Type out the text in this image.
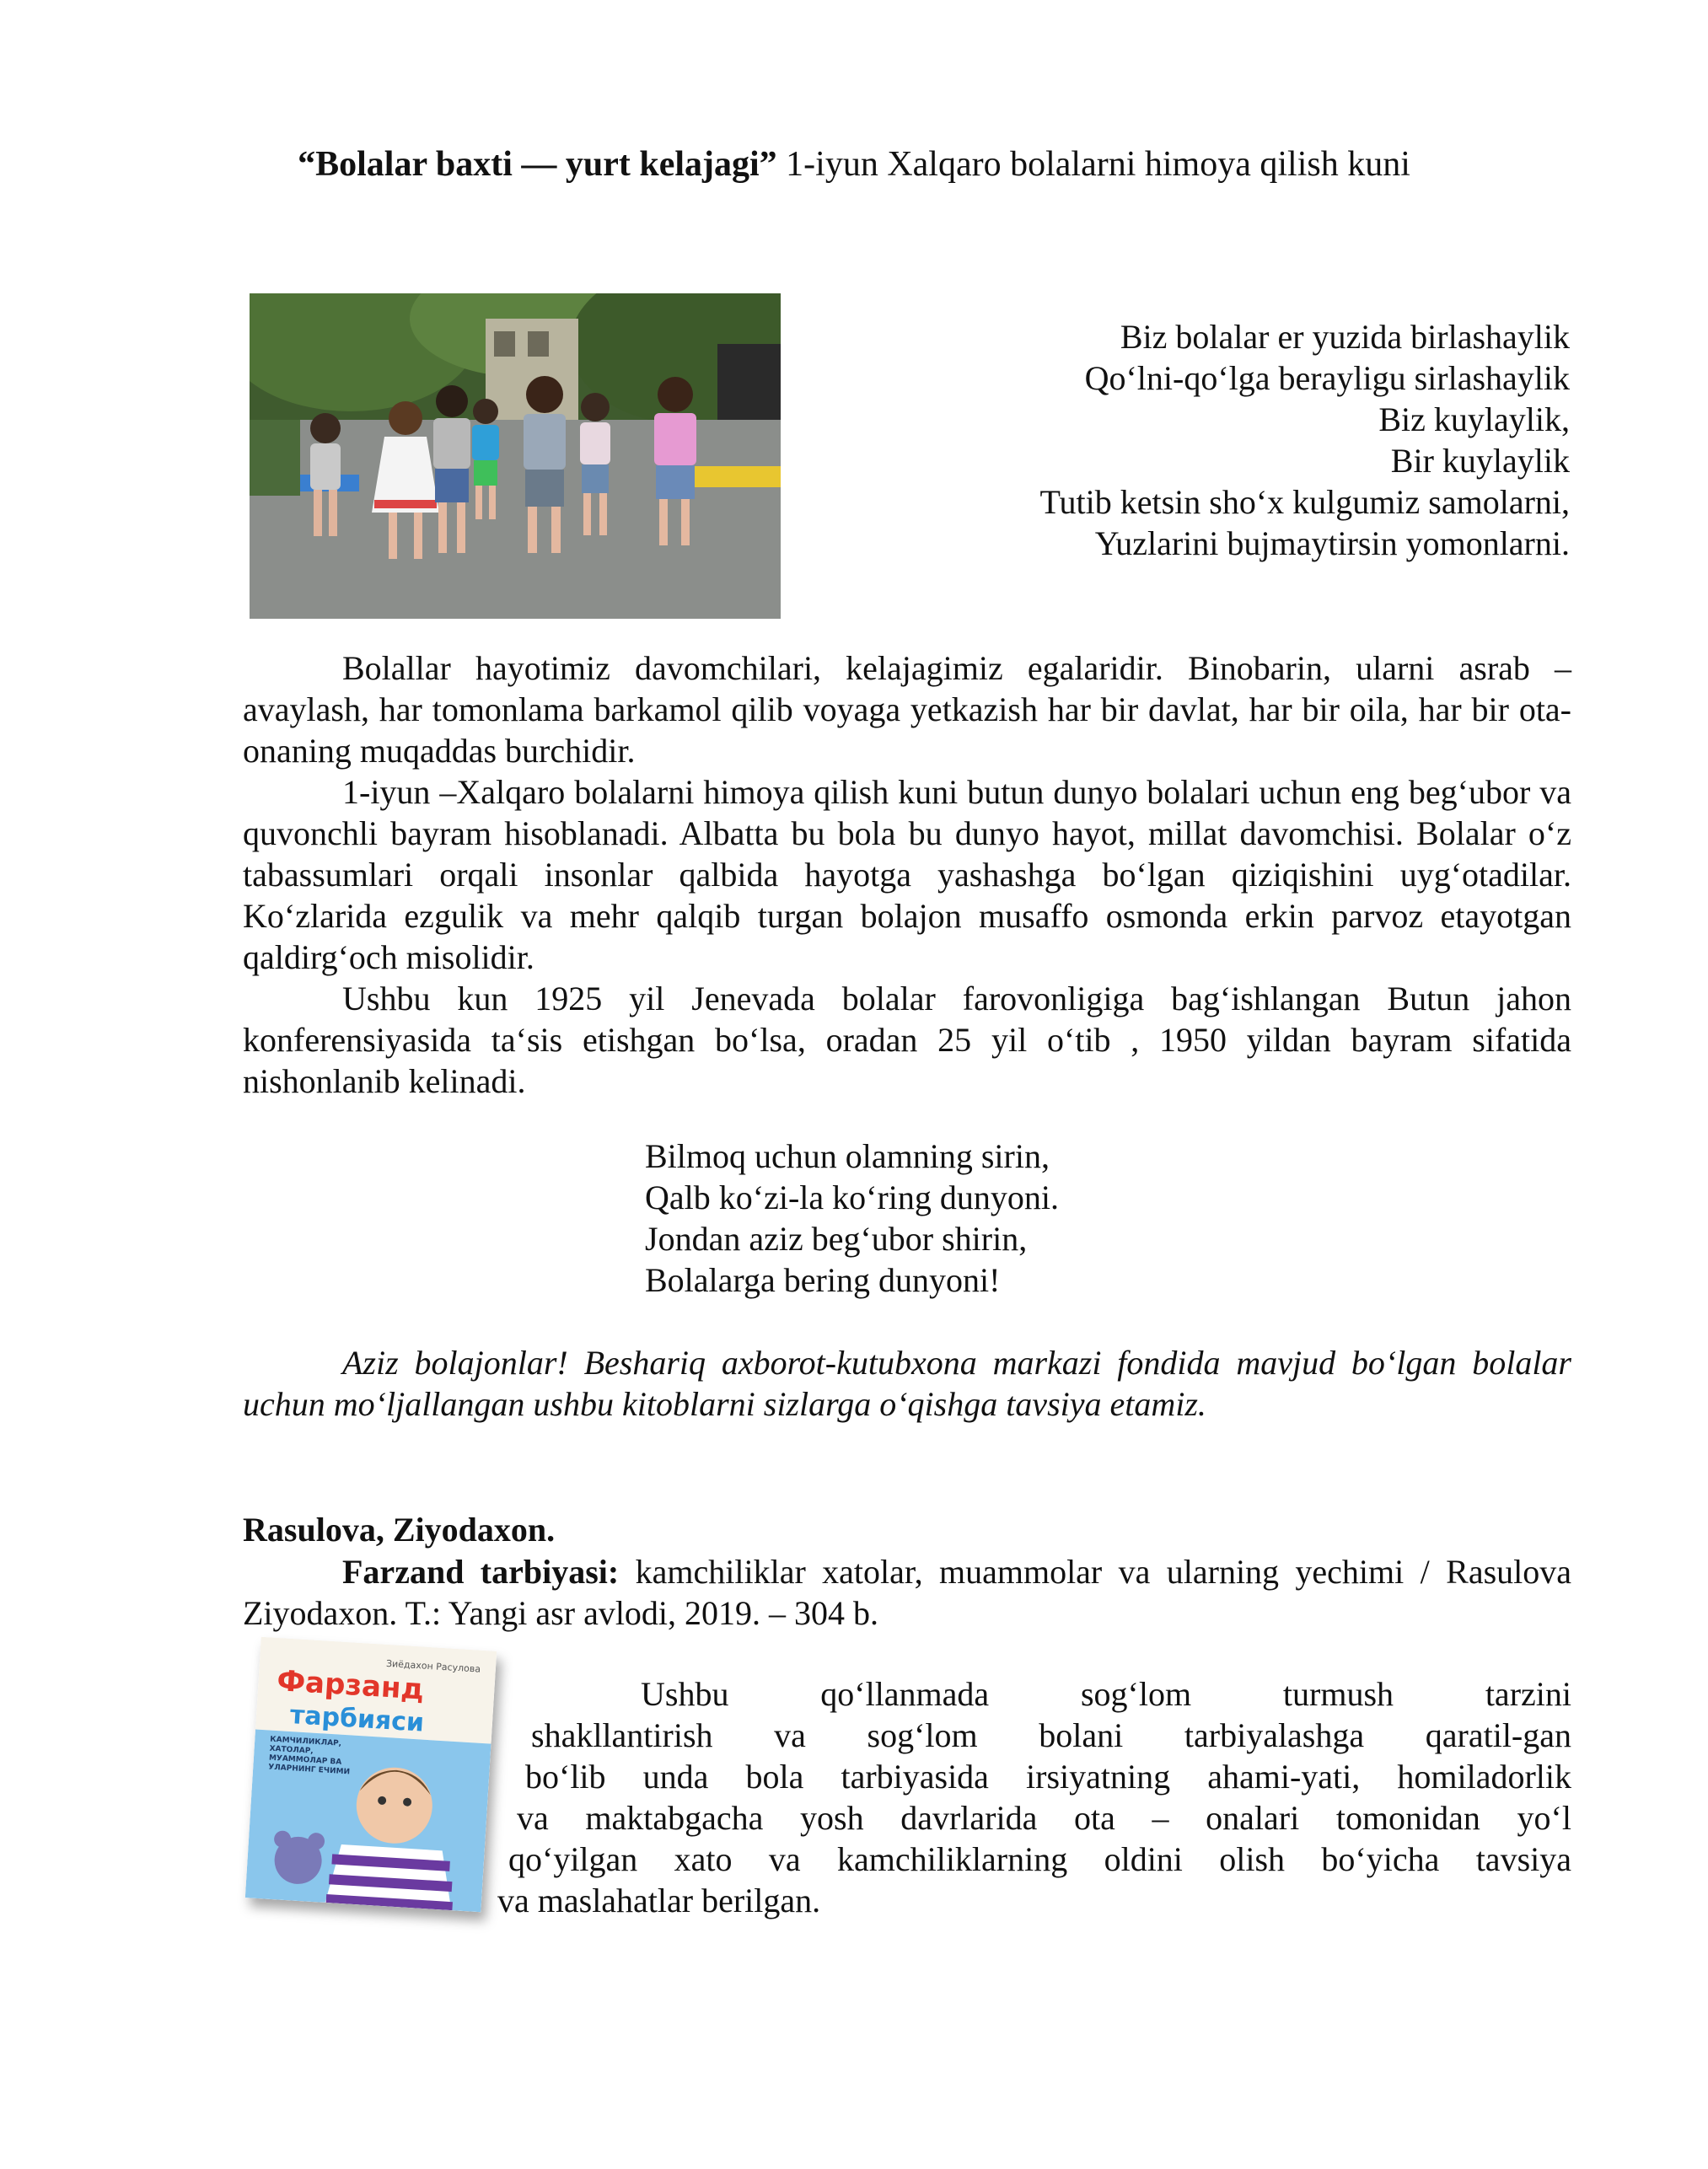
“Bolalar baxti — yurt kelajagi” 1-iyun Xalqaro bolalarni himoya qilish kuni
Biz bolalar er yuzida birlashaylik
Qo‘lni-qo‘lga berayligu sirlashaylik
Biz kuylaylik,
Bir kuylaylik
Tutib ketsin sho‘x kulgumiz samolarni,
Yuzlarini bujmaytirsin yomonlarni.

Bolallar hayotimiz davomchilari, kelajagimiz egalaridir. Binobarin, ularni asrab – avaylash, har tomonlama barkamol qilib voyaga yetkazish har bir davlat, har bir oila, har bir ota-onaning muqaddas burchidir.

1-iyun –Xalqaro bolalarni himoya qilish kuni butun dunyo bolalari uchun eng beg‘ubor va quvonchli bayram hisoblanadi. Albatta bu bola bu dunyo hayot, millat davomchisi. Bolalar o‘z tabassumlari orqali insonlar qalbida hayotga yashashga bo‘lgan qiziqishini uyg‘otadilar. Ko‘zlarida ezgulik va mehr qalqib turgan bolajon musaffo osmonda erkin parvoz etayotgan qaldirg‘och misolidir.

Ushbu kun 1925 yil Jenevada bolalar farovonligiga bag‘ishlangan Butun jahon konferensiyasida ta‘sis etishgan bo‘lsa, oradan 25 yil o‘tib , 1950 yildan bayram sifatida nishonlanib kelinadi.

Bilmoq uchun olamning sirin,
Qalb ko‘zi-la ko‘ring dunyoni.
Jondan aziz beg‘ubor shirin,
Bolalarga bering dunyoni!

Aziz bolajonlar! Beshariq axborot-kutubxona markazi fondida mavjud bo‘lgan bolalar uchun mo‘ljallangan ushbu kitoblarni sizlarga o‘qishga tavsiya etamiz.

Rasulova, Ziyodaxon.

Farzand tarbiyasi: kamchiliklar xatolar, muammolar va ularning yechimi / Rasulova Ziyodaxon. T.: Yangi asr avlodi, 2019. – 304 b.

Зиёдахон Расулова
Фарзанд
тарбияси
КАМЧИЛИКЛАР, ХАТОЛАР, МУАММОЛАР ВА УЛАРНИНГ ЕЧИМИ
Ushbu qo‘llanmada sog‘lom turmush tarzini
shakllantirish va sog‘lom bolani tarbiyalashga qaratil-gan
bo‘lib unda bola tarbiyasida irsiyatning ahami-yati, homiladorlik
va maktabgacha yosh davrlarida ota – onalari tomonidan yo‘l
qo‘yilgan xato va kamchiliklarning oldini olish bo‘yicha tavsiya
va maslahatlar berilgan.
